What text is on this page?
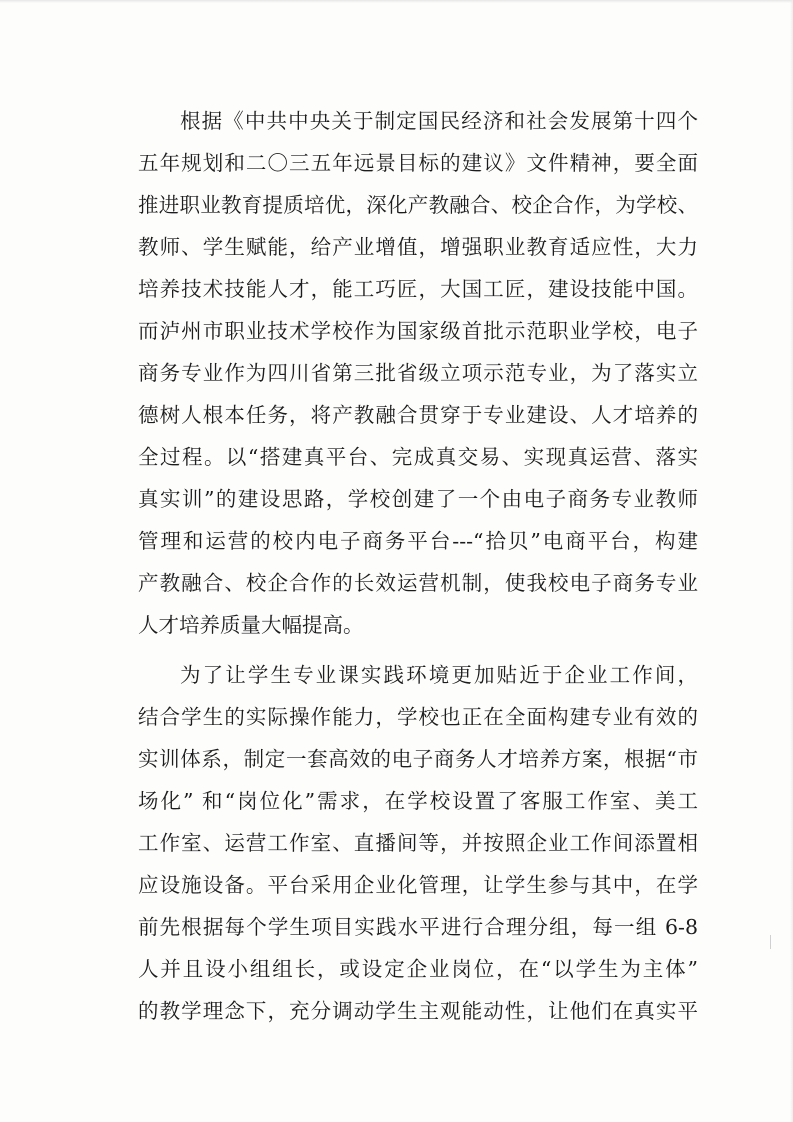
根据《中共中央关于制定国民经济和社会发展第十四个
五年规划和二〇三五年远景目标的建议》文件精神，要全面
推进职业教育提质培优，深化产教融合、校企合作，为学校、
教师、学生赋能，给产业增值，增强职业教育适应性，大力
培养技术技能人才，能工巧匠，大国工匠，建设技能中国。
而泸州市职业技术学校作为国家级首批示范职业学校，电子
商务专业作为四川省第三批省级立项示范专业，为了落实立
德树人根本任务，将产教融合贯穿于专业建设、人才培养的
全过程。以“搭建真平台、完成真交易、实现真运营、落实
真实训”的建设思路，学校创建了一个由电子商务专业教师
管理和运营的校内电子商务平台---“拾贝”电商平台，构建
产教融合、校企合作的长效运营机制，使我校电子商务专业
人才培养质量大幅提高。
为了让学生专业课实践环境更加贴近于企业工作间，
结合学生的实际操作能力，学校也正在全面构建专业有效的
实训体系，制定一套高效的电子商务人才培养方案，根据“市
场化” 和“岗位化”需求，在学校设置了客服工作室、美工
工作室、运营工作室、直播间等，并按照企业工作间添置相
应设施设备。平台采用企业化管理，让学生参与其中，在学
前先根据每个学生项目实践水平进行合理分组，每一组 6-8
人并且设小组组长，或设定企业岗位，在“以学生为主体”
的教学理念下，充分调动学生主观能动性，让他们在真实平
